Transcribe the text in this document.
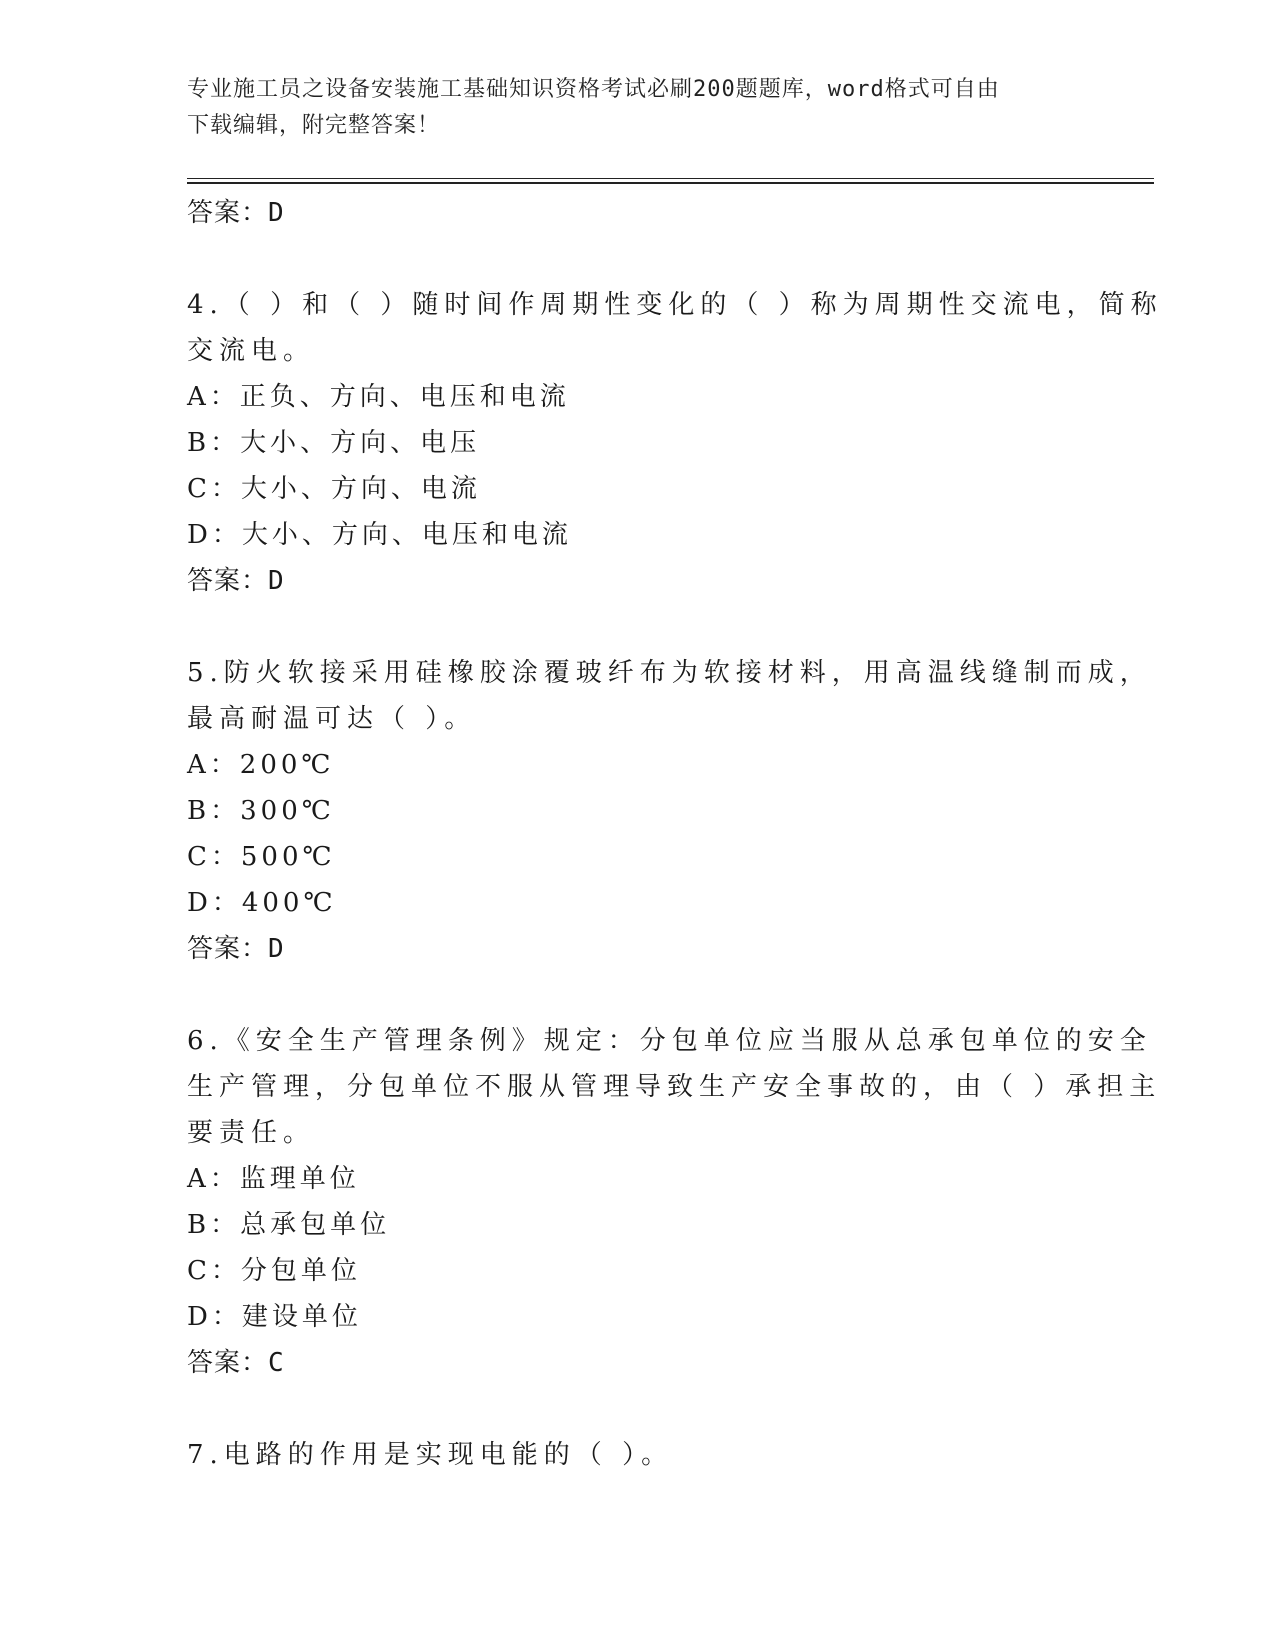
专业施工员之设备安装施工基础知识资格考试必刷200题题库，word格式可自由
下载编辑，附完整答案！
答案：D
4.（ ）和（ ）随时间作周期性变化的（ ）称为周期性交流电，简称
交流电。
A：正负、方向、电压和电流
B：大小、方向、电压
C：大小、方向、电流
D：大小、方向、电压和电流
答案：D
5.防火软接采用硅橡胶涂覆玻纤布为软接材料，用高温线缝制而成，
最高耐温可达（ ）。
A：200℃
B：300℃
C：500℃
D：400℃
答案：D
6.《安全生产管理条例》规定：分包单位应当服从总承包单位的安全
生产管理，分包单位不服从管理导致生产安全事故的，由（ ）承担主
要责任。
A：监理单位
B：总承包单位
C：分包单位
D：建设单位
答案：C
7.电路的作用是实现电能的（ ）。
